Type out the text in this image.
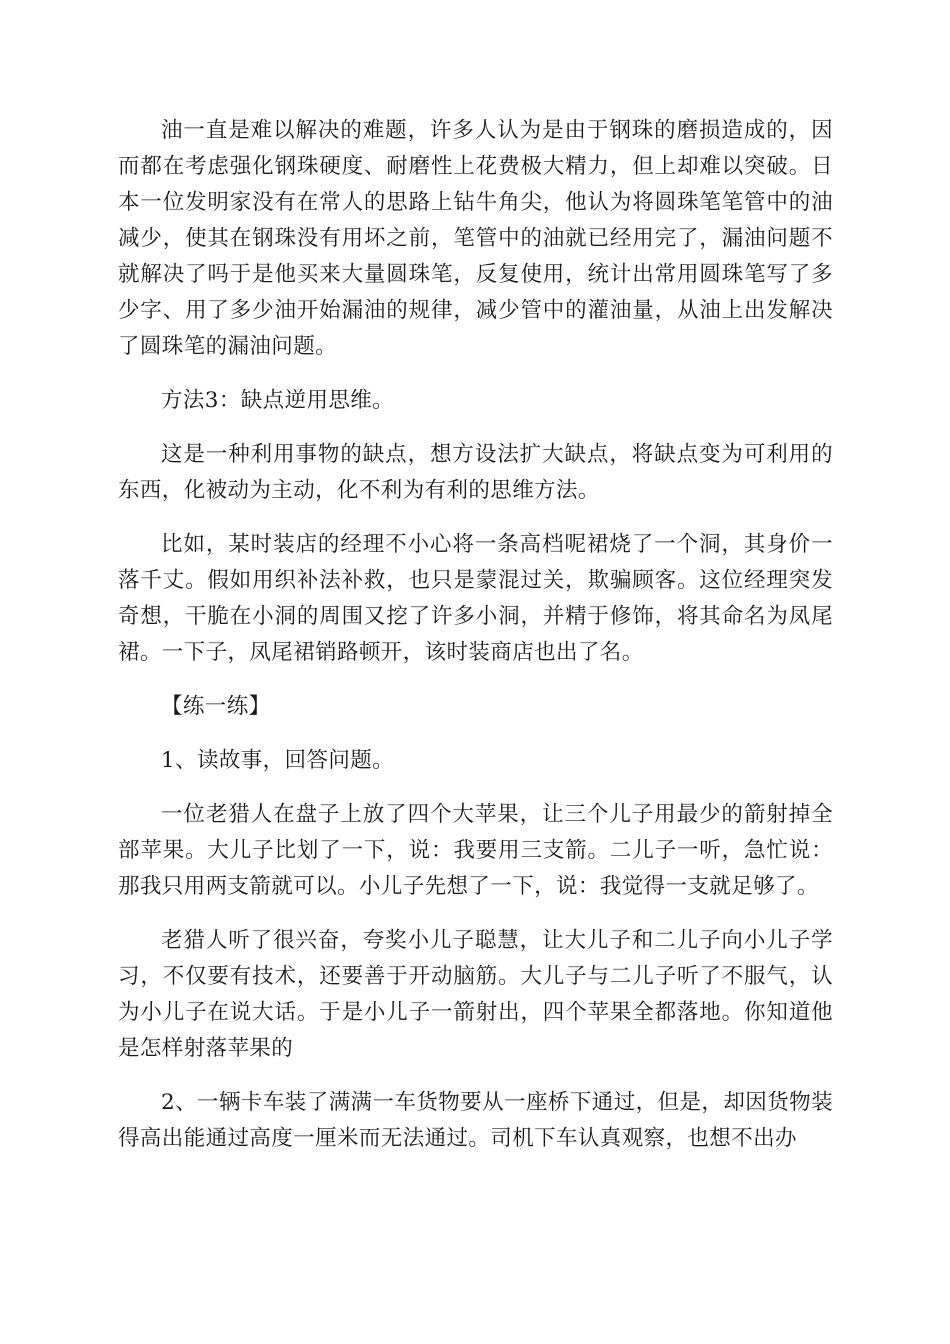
油一直是难以解决的难题，许多人认为是由于钢珠的磨损造成的，因而都在考虑强化钢珠硬度、耐磨性上花费极大精力，但上却难以突破。日本一位发明家没有在常人的思路上钻牛角尖，他认为将圆珠笔笔管中的油减少，使其在钢珠没有用坏之前，笔管中的油就已经用完了，漏油问题不就解决了吗于是他买来大量圆珠笔，反复使用，统计出常用圆珠笔写了多少字、用了多少油开始漏油的规律，减少管中的灌油量，从油上出发解决了圆珠笔的漏油问题。

方法3：缺点逆用思维。

这是一种利用事物的缺点，想方设法扩大缺点，将缺点变为可利用的东西，化被动为主动，化不利为有利的思维方法。

比如，某时装店的经理不小心将一条高档呢裙烧了一个洞，其身价一落千丈。假如用织补法补救，也只是蒙混过关，欺骗顾客。这位经理突发奇想，干脆在小洞的周围又挖了许多小洞，并精于修饰，将其命名为凤尾裙。一下子，凤尾裙销路顿开，该时装商店也出了名。

【练一练】

1、读故事，回答问题。

一位老猎人在盘子上放了四个大苹果，让三个儿子用最少的箭射掉全部苹果。大儿子比划了一下，说：我要用三支箭。二儿子一听，急忙说：那我只用两支箭就可以。小儿子先想了一下，说：我觉得一支就足够了。

老猎人听了很兴奋，夸奖小儿子聪慧，让大儿子和二儿子向小儿子学习，不仅要有技术，还要善于开动脑筋。大儿子与二儿子听了不服气，认为小儿子在说大话。于是小儿子一箭射出，四个苹果全都落地。你知道他是怎样射落苹果的

2、一辆卡车装了满满一车货物要从一座桥下通过，但是，却因货物装得高出能通过高度一厘米而无法通过。司机下车认真观察，也想不出办
